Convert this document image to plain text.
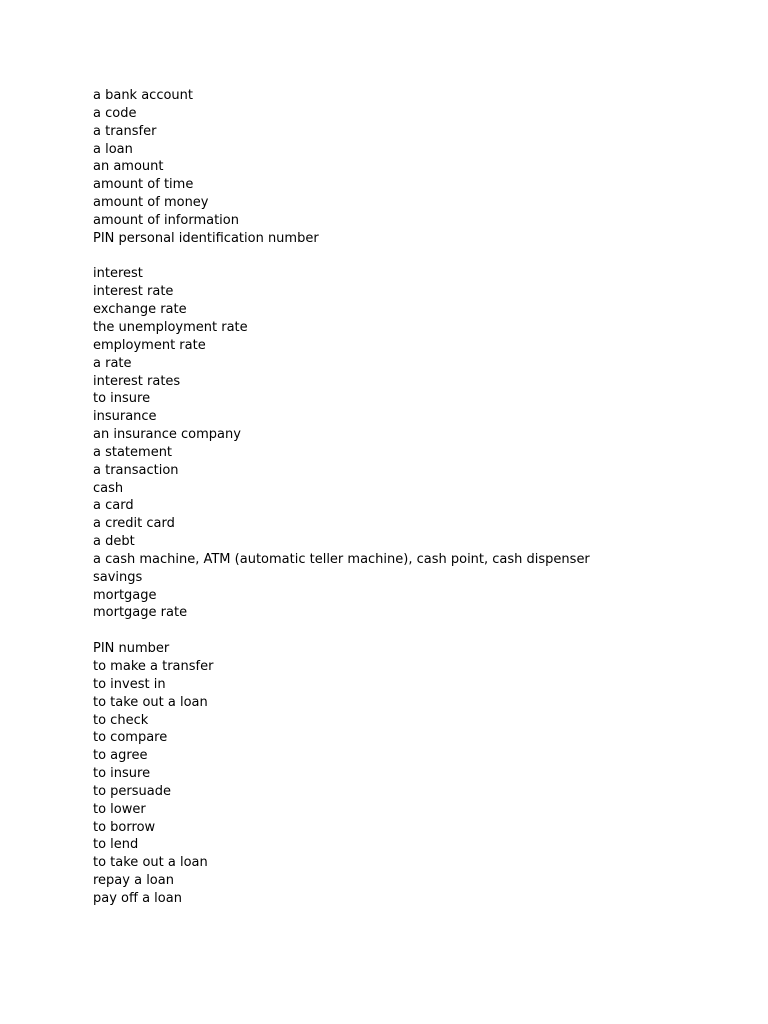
a bank account
a code
a transfer
a loan
an amount
amount of time
amount of money
amount of information
PIN personal identification number
interest
interest rate
exchange rate
the unemployment rate
employment rate
a rate
interest rates
to insure
insurance
an insurance company
a statement
a transaction
cash
a card
a credit card
a debt
a cash machine, ATM (automatic teller machine), cash point, cash dispenser
savings
mortgage
mortgage rate
PIN number
to make a transfer
to invest in
to take out a loan
to check
to compare
to agree
to insure
to persuade
to lower
to borrow
to lend
to take out a loan
repay a loan
pay off a loan
